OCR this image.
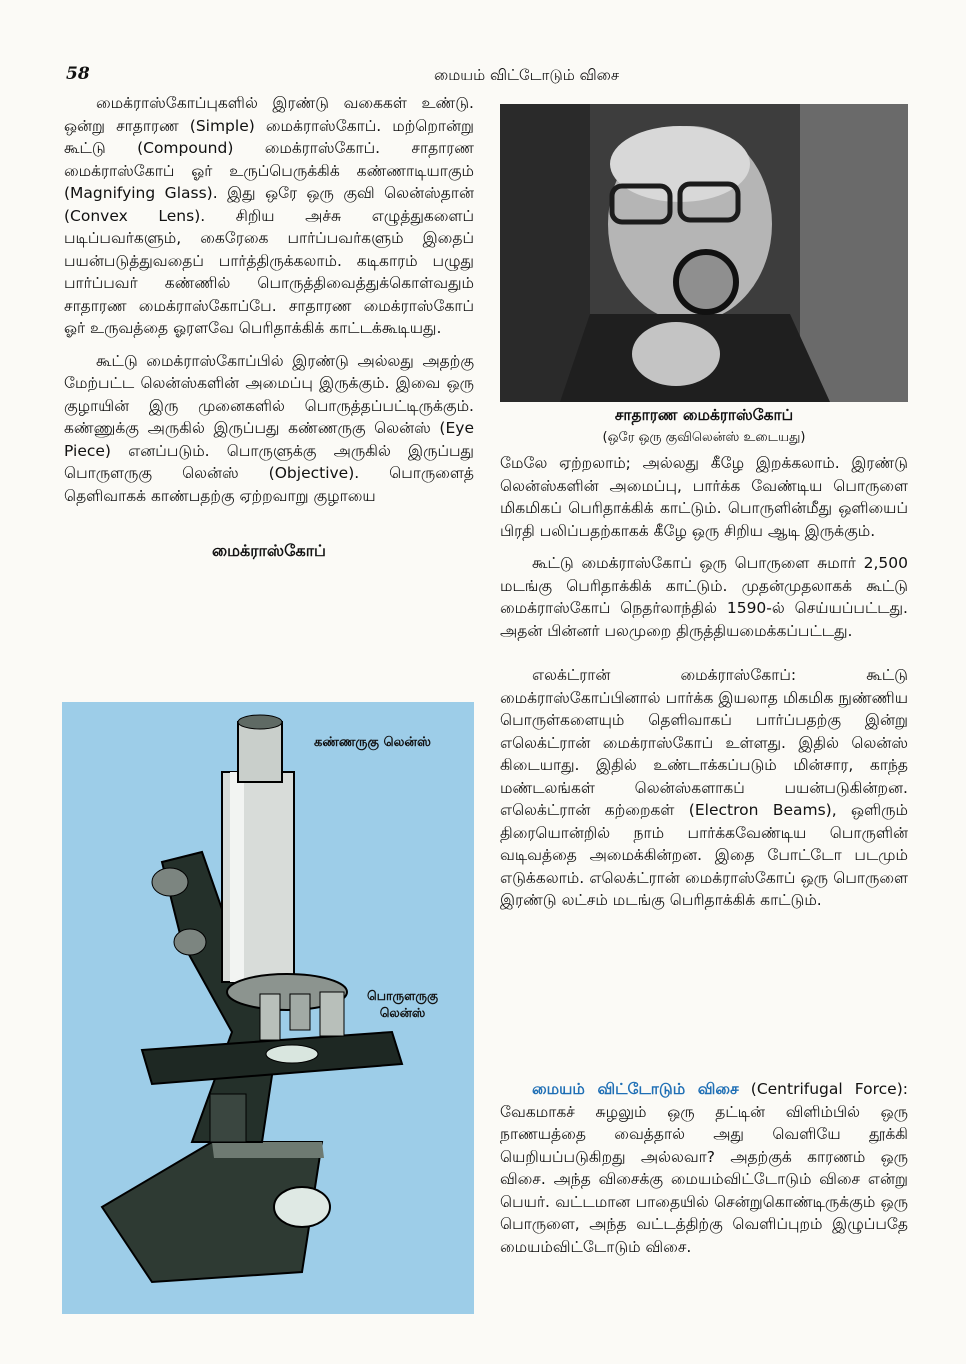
58	மையம் விட்டோடும் விசை

மைக்ராஸ்கோப்புகளில் இரண்டு வகைகள் உண்டு. ஒன்று சாதாரண (Simple) மைக்ராஸ்கோப். மற்றொன்று கூட்டு (Compound) மைக்ராஸ்கோப். சாதாரண மைக்ராஸ்கோப் ஓர் உருப்பெருக்கிக் கண்ணாடியாகும் (Magnifying Glass). இது ஒரே ஒரு குவி லென்ஸ்தான் (Convex Lens). சிறிய அச்சு எழுத்துகளைப் படிப்பவர்களும், கைரேகை பார்ப்பவர்களும் இதைப் பயன்படுத்துவதைப் பார்த்திருக்கலாம். கடிகாரம் பழுது பார்ப்பவர் கண்ணில் பொருத்திவைத்துக்கொள்வதும் சாதாரண மைக்ராஸ்கோப்பே. சாதாரண மைக்ராஸ்கோப் ஓர் உருவத்தை ஓரளவே பெரிதாக்கிக் காட்டக்கூடியது.

கூட்டு மைக்ராஸ்கோப்பில் இரண்டு அல்லது அதற்கு மேற்பட்ட லென்ஸ்களின் அமைப்பு இருக்கும். இவை ஒரு குழாயின் இரு முனைகளில் பொருத்தப்பட்டிருக்கும். கண்ணுக்கு அருகில் இருப்பது கண்ணருகு லென்ஸ் (Eye Piece) எனப்படும். பொருளுக்கு அருகில் இருப்பது பொருளருகு லென்ஸ் (Objective). பொருளைத் தெளிவாகக் காண்பதற்கு ஏற்றவாறு குழாயை

மைக்ராஸ்கோப்
கண்ணருகு லென்ஸ்
பொருளருகு
லென்ஸ்
சாதாரண மைக்ராஸ்கோப்
(ஒரே ஒரு குவிலென்ஸ் உடையது)

மேலே ஏற்றலாம்; அல்லது கீழே இறக்கலாம். இரண்டு லென்ஸ்களின் அமைப்பு, பார்க்க வேண்டிய பொருளை மிகமிகப் பெரிதாக்கிக் காட்டும். பொருளின்மீது ஒளியைப் பிரதி பலிப்பதற்காகக் கீழே ஒரு சிறிய ஆடி இருக்கும்.

கூட்டு மைக்ராஸ்கோப் ஒரு பொருளை சுமார் 2,500 மடங்கு பெரிதாக்கிக் காட்டும். முதன்முதலாகக் கூட்டு மைக்ராஸ்கோப் நெதர்லாந்தில் 1590-ல் செய்யப்பட்டது. அதன் பின்னர் பலமுறை திருத்தியமைக்கப்பட்டது.

எலக்ட்ரான் மைக்ராஸ்கோப்: கூட்டு மைக்ராஸ்கோப்பினால் பார்க்க இயலாத மிகமிக நுண்ணிய பொருள்களையும் தெளிவாகப் பார்ப்பதற்கு இன்று எலெக்ட்ரான் மைக்ராஸ்கோப் உள்ளது. இதில் லென்ஸ் கிடையாது. இதில் உண்டாக்கப்படும் மின்சார, காந்த மண்டலங்கள் லென்ஸ்களாகப் பயன்படுகின்றன. எலெக்ட்ரான் கற்றைகள் (Electron Beams), ஒளிரும் திரையொன்றில் நாம் பார்க்கவேண்டிய பொருளின் வடிவத்தை அமைக்கின்றன. இதை போட்டோ படமும் எடுக்கலாம். எலெக்ட்ரான் மைக்ராஸ்கோப் ஒரு பொருளை இரண்டு லட்சம் மடங்கு பெரிதாக்கிக் காட்டும்.

மையம் விட்டோடும் விசை (Centrifugal Force): வேகமாகச் சுழலும் ஒரு தட்டின் விளிம்பில் ஒரு நாணயத்தை வைத்தால் அது வெளியே தூக்கி யெறியப்படுகிறது அல்லவா? அதற்குக் காரணம் ஒரு விசை. அந்த விசைக்கு மையம்விட்டோடும் விசை என்று பெயர். வட்டமான பாதையில் சென்றுகொண்டிருக்கும் ஒரு பொருளை, அந்த வட்டத்திற்கு வெளிப்புறம் இழுப்பதே மையம்விட்டோடும் விசை.
